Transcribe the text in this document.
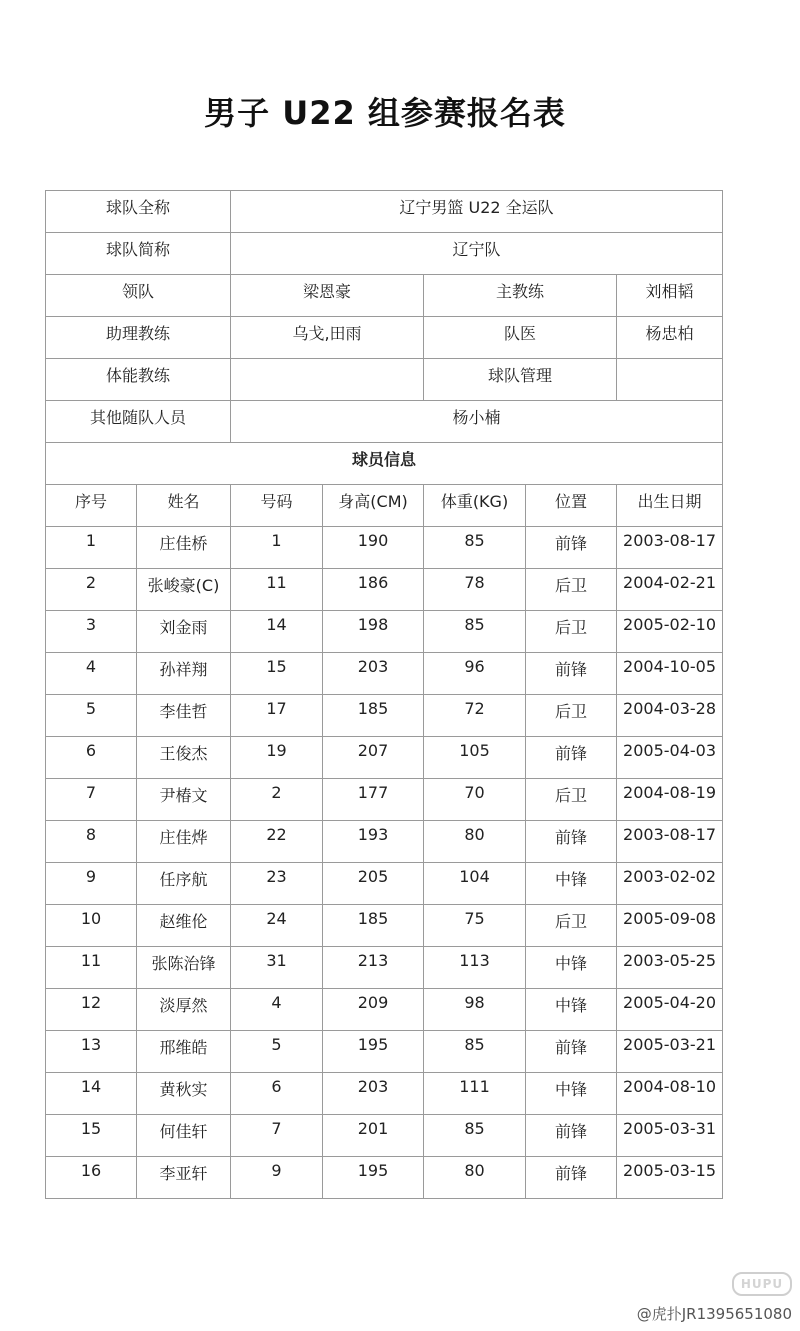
男子 U22 组参赛报名表
球队全称		辽宁男篮 U22 全运队				
球队简称		辽宁队				
领队		梁恩豪		主教练		刘相韬
助理教练		乌戈,田雨		队医		杨忠柏
体能教练				球队管理		
其他随队人员		杨小楠				
球员信息						
序号	姓名	号码	身高(CM)	体重(KG)	位置	出生日期
1	庄佳桥	1	190	85	前锋	2003-08-17
2	张峻豪(C)	11	186	78	后卫	2004-02-21
3	刘金雨	14	198	85	后卫	2005-02-10
4	孙祥翔	15	203	96	前锋	2004-10-05
5	李佳哲	17	185	72	后卫	2004-03-28
6	王俊杰	19	207	105	前锋	2005-04-03
7	尹椿文	2	177	70	后卫	2004-08-19
8	庄佳烨	22	193	80	前锋	2003-08-17
9	任序航	23	205	104	中锋	2003-02-02
10	赵维伦	24	185	75	后卫	2005-09-08
11	张陈治锋	31	213	113	中锋	2003-05-25
12	淡厚然	4	209	98	中锋	2005-04-20
13	邢维皓	5	195	85	前锋	2005-03-21
14	黄秋实	6	203	111	中锋	2004-08-10
15	何佳轩	7	201	85	前锋	2005-03-31
16	李亚轩	9	195	80	前锋	2005-03-15
HUPU
@虎扑JR1395651080
